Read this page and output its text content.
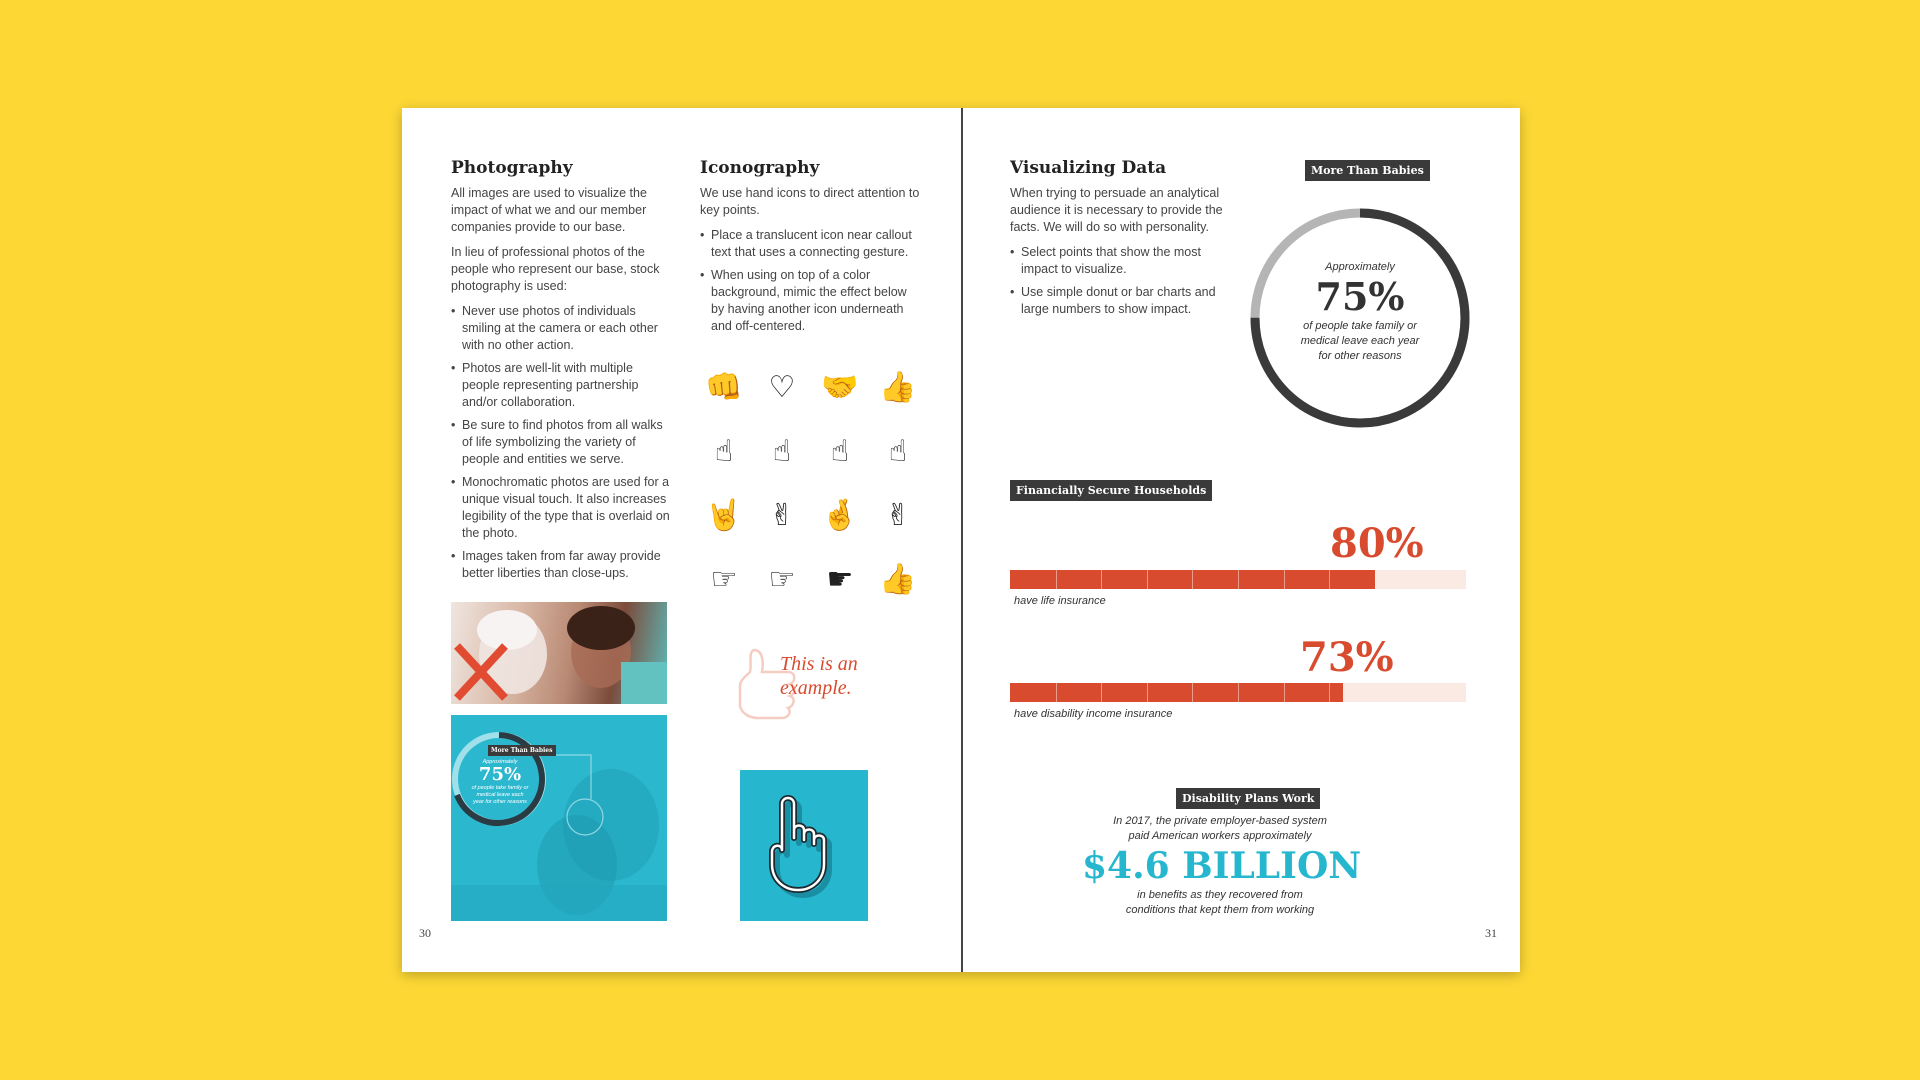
Photography

All images are used to visualize the impact of what we and our member companies provide to our base.

In lieu of professional photos of the people who represent our base, stock photography is used:

• Never use photos of individuals smiling at the camera or each other with no other action.
• Photos are well-lit with multiple people representing partnership and/or collaboration.
• Be sure to find photos from all walks of life symbolizing the variety of people and entities we serve.
• Monochromatic photos are used for a unique visual touch. It also increases legibility of the type that is overlaid on the photo.
• Images taken from far away provide better liberties than close-ups.
More Than Babies
Approximately
75%
of people take family or medical leave each year for other reasons
Iconography

We use hand icons to direct attention to key points.

• Place a translucent icon near callout text that uses a connecting gesture.
• When using on top of a color background, mimic the effect below by having another icon underneath and off-centered.
👊 ♡ 🤝 👍
☝	☝	☝	☝
🤘 ✌ 🤞 ✌
☞ ☞ ☛ 👍
This is an example.
30
Visualizing Data

When trying to persuade an analytical audience it is necessary to provide the facts. We will do so with personality.

• Select points that show the most impact to visualize.
• Use simple donut or bar charts and large numbers to show impact.
More Than Babies
Approximately
75%
of people take family or medical leave each year for other reasons
Financially Secure Households
80%
have life insurance
73%
have disability income insurance
Disability Plans Work
In 2017, the private employer-based system paid American workers approximately
$4.6 BILLION
in benefits as they recovered from conditions that kept them from working
31
